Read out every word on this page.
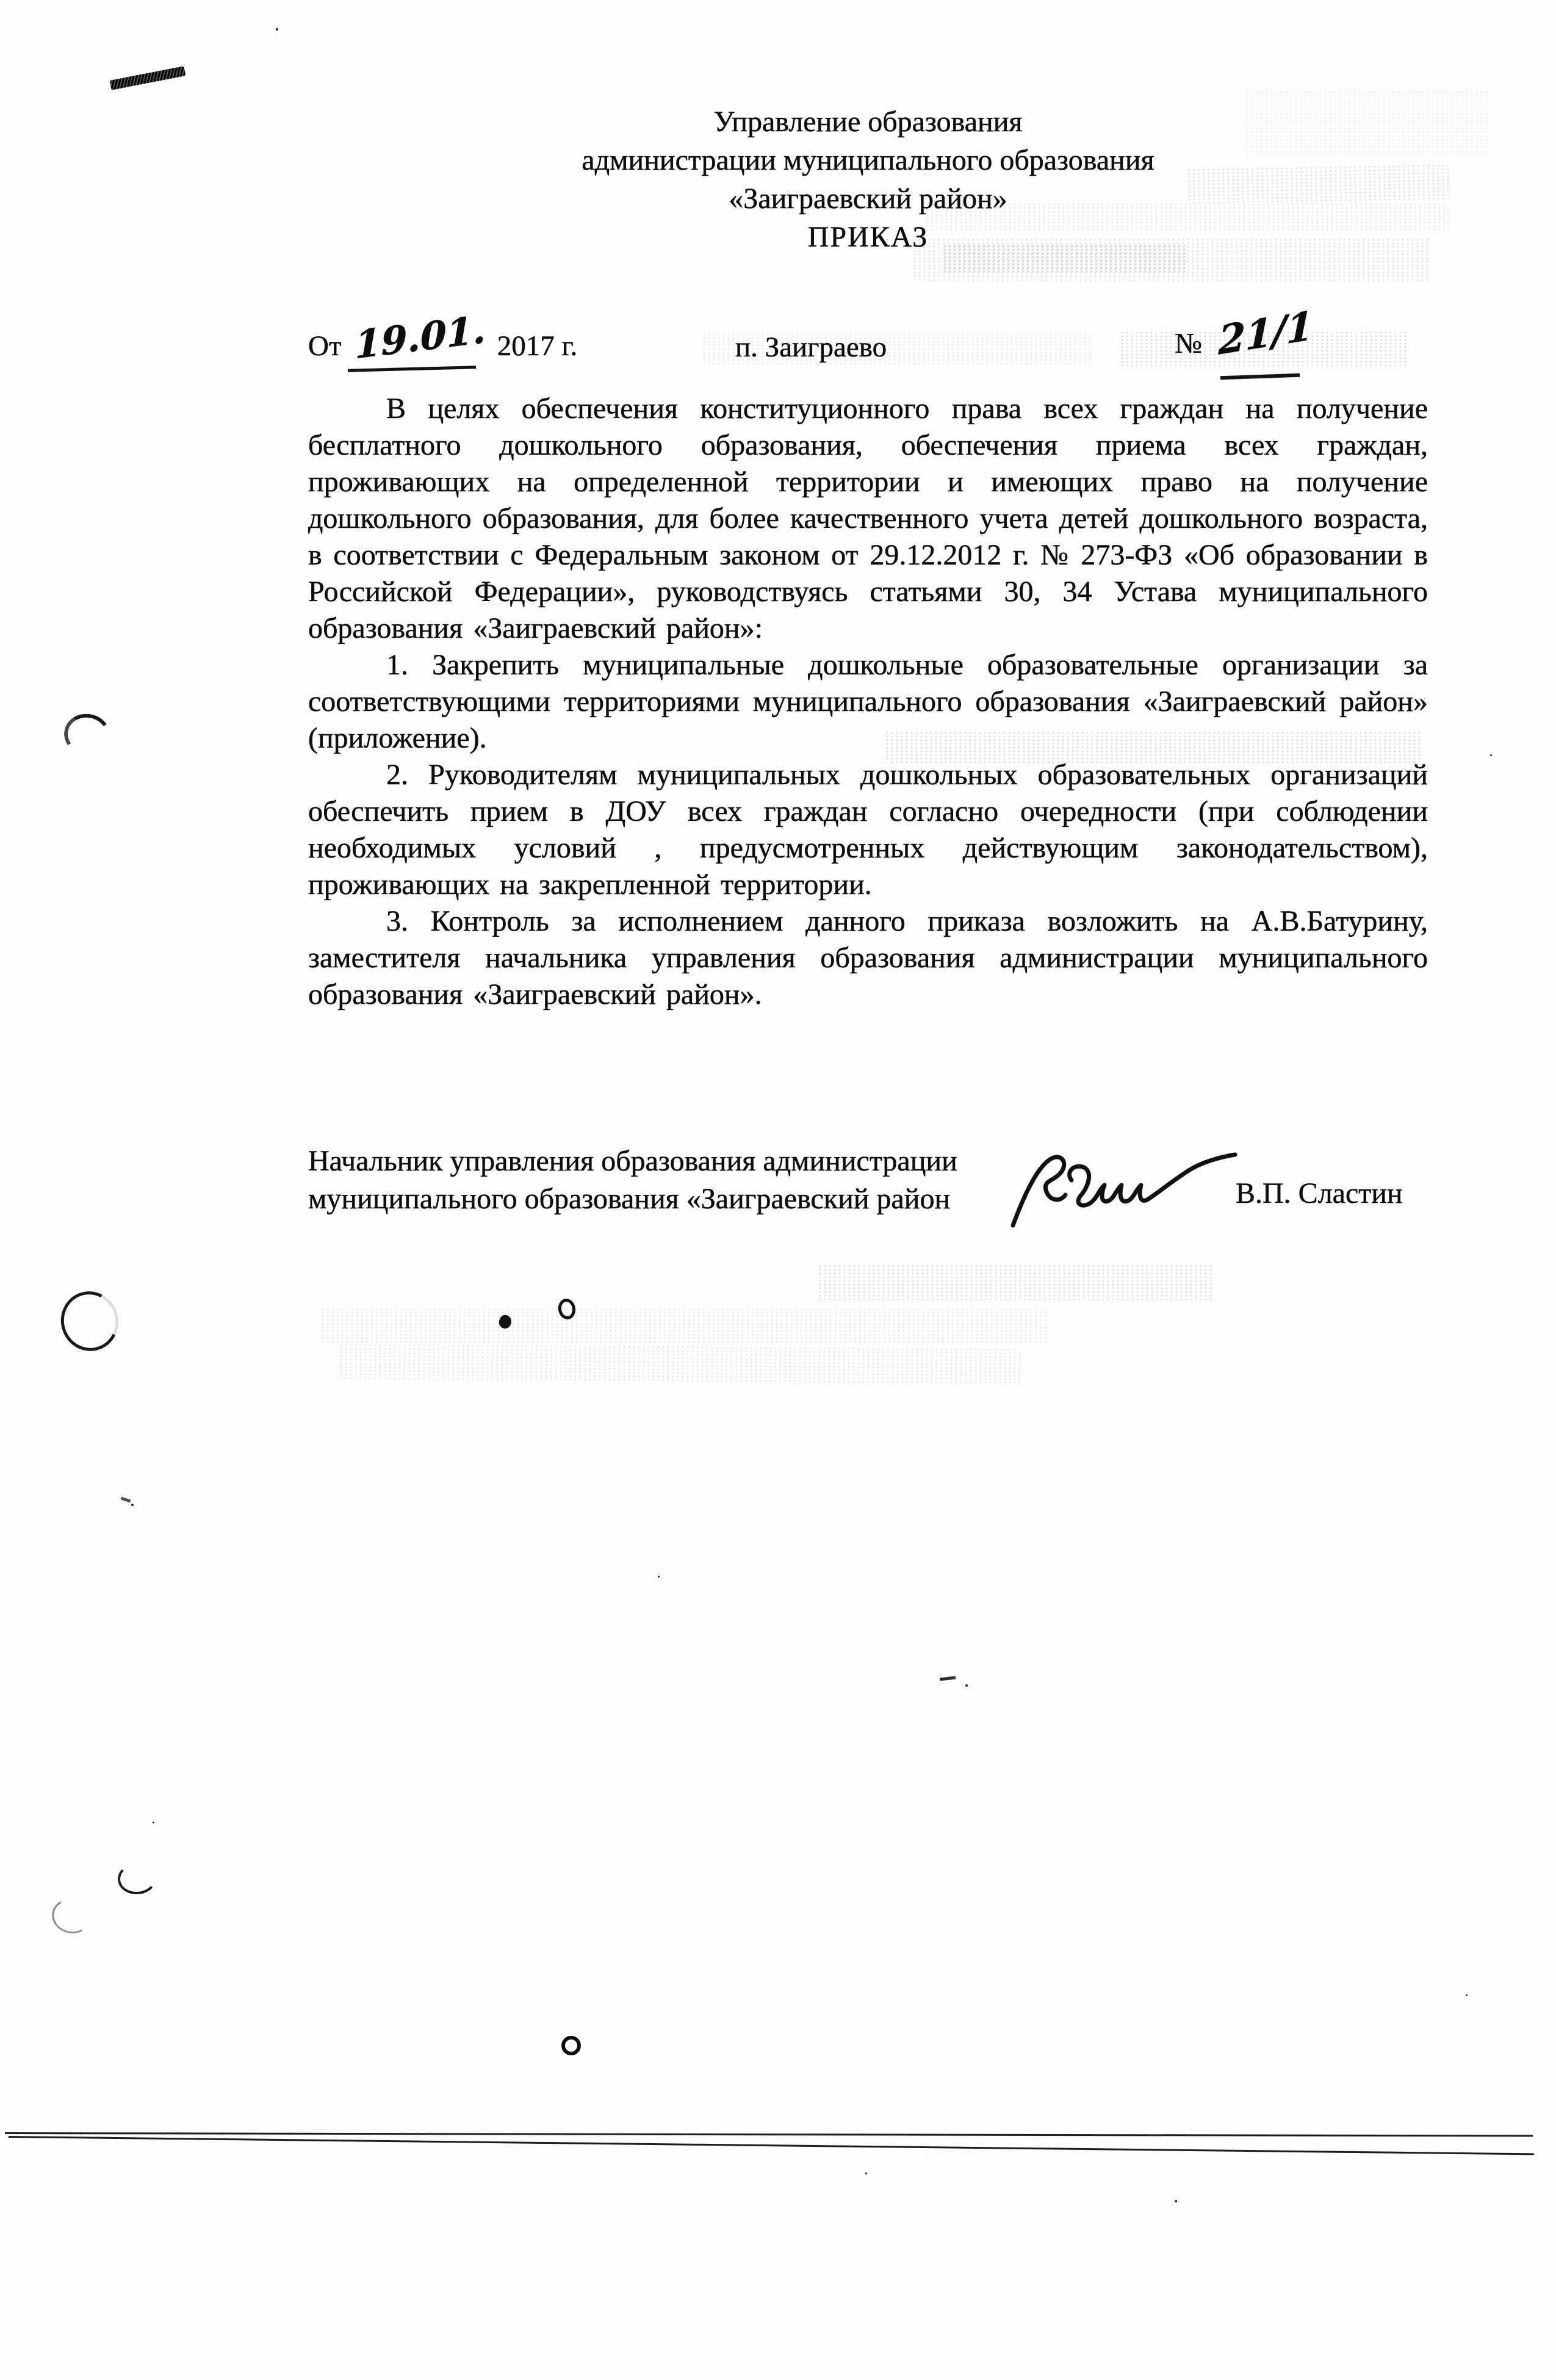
Управление образования
администрации муниципального образования
«Заиграевский район»
ПРИКАЗ
От 19.01. 2017 г.	п. Заиграево	№ 21/1

В целях обеспечения конституционного права всех граждан на получение бесплатного дошкольного образования, обеспечения приема всех граждан, проживающих на определенной территории и имеющих право на получение дошкольного образования, для более качественного учета детей дошкольного возраста, в соответствии с Федеральным законом от 29.12.2012 г. № 273-ФЗ «Об образовании в Российской Федерации», руководствуясь статьями 30, 34 Устава муниципального образования «Заиграевский район»:

1. Закрепить муниципальные дошкольные образовательные организации за соответствующими территориями муниципального образования «Заиграевский район» (приложение).

2. Руководителям муниципальных дошкольных образовательных организаций обеспечить прием в ДОУ всех граждан согласно очередности (при соблюдении необходимых условий , предусмотренных действующим законодательством), проживающих на закрепленной территории.

3. Контроль за исполнением данного приказа возложить на А.В.Батурину, заместителя начальника управления образования администрации муниципального образования «Заиграевский район».

Начальник управления образования администрации
муниципального образования «Заиграевский район	В.П. Сластин
